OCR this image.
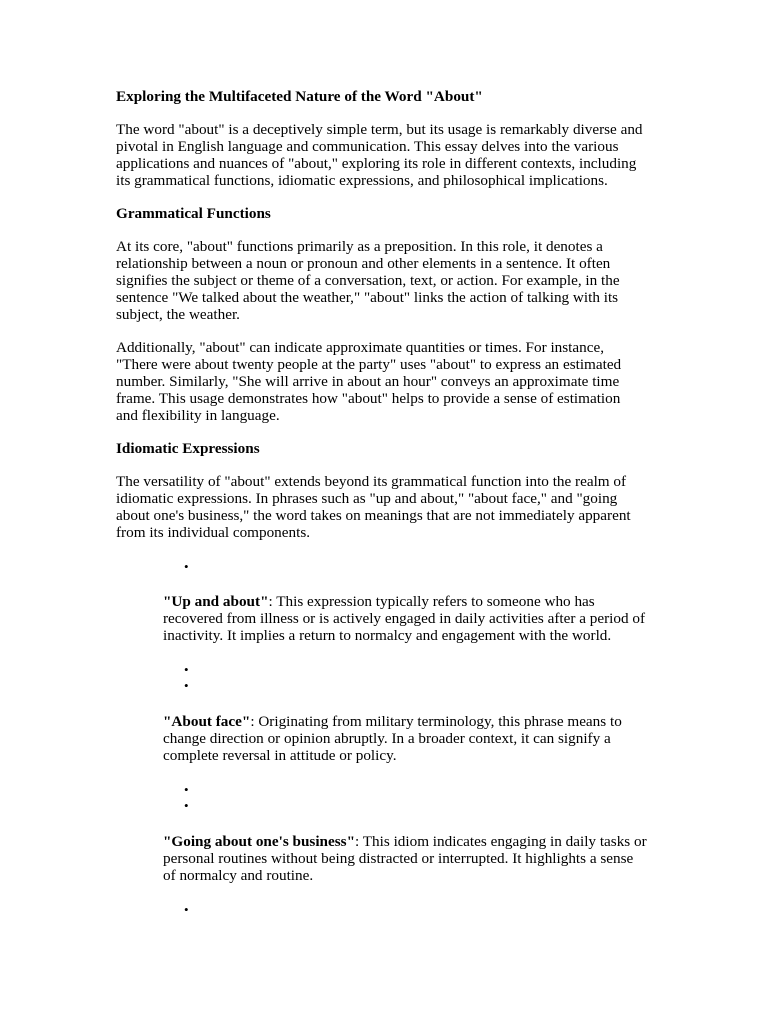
Exploring the Multifaceted Nature of the Word "About"

The word "about" is a deceptively simple term, but its usage is remarkably diverse and pivotal in English language and communication. This essay delves into the various applications and nuances of "about," exploring its role in different contexts, including its grammatical functions, idiomatic expressions, and philosophical implications.

Grammatical Functions

At its core, "about" functions primarily as a preposition. In this role, it denotes a relationship between a noun or pronoun and other elements in a sentence. It often signifies the subject or theme of a conversation, text, or action. For example, in the sentence "We talked about the weather," "about" links the action of talking with its subject, the weather.

Additionally, "about" can indicate approximate quantities or times. For instance, "There were about twenty people at the party" uses "about" to express an estimated number. Similarly, "She will arrive in about an hour" conveys an approximate time frame. This usage demonstrates how "about" helps to provide a sense of estimation and flexibility in language.

Idiomatic Expressions

The versatility of "about" extends beyond its grammatical function into the realm of idiomatic expressions. In phrases such as "up and about," "about face," and "going about one's business," the word takes on meanings that are not immediately apparent from its individual components.

•

"Up and about": This expression typically refers to someone who has recovered from illness or is actively engaged in daily activities after a period of inactivity. It implies a return to normalcy and engagement with the world.

•
•

"About face": Originating from military terminology, this phrase means to change direction or opinion abruptly. In a broader context, it can signify a complete reversal in attitude or policy.

•
•

"Going about one's business": This idiom indicates engaging in daily tasks or personal routines without being distracted or interrupted. It highlights a sense of normalcy and routine.

•
